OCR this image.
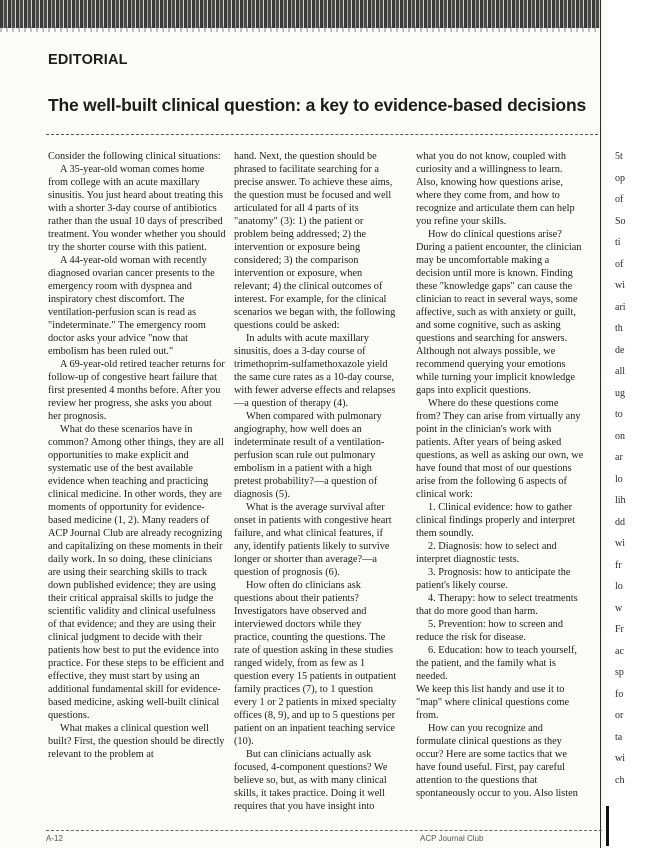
EDITORIAL
The well-built clinical question: a key to evidence-based decisions

Consider the following clinical situations:

A 35-year-old woman comes home from college with an acute maxillary sinusitis. You just heard about treating this with a shorter 3-day course of antibiotics rather than the usual 10 days of prescribed treatment. You wonder whether you should try the shorter course with this patient.

A 44-year-old woman with recently diagnosed ovarian cancer presents to the emergency room with dyspnea and inspiratory chest discomfort. The ventilation-perfusion scan is read as "indeterminate." The emergency room doctor asks your advice "now that embolism has been ruled out."

A 69-year-old retired teacher returns for follow-up of congestive heart failure that first presented 4 months before. After you review her progress, she asks you about her prognosis.

What do these scenarios have in common? Among other things, they are all opportunities to make explicit and systematic use of the best available evidence when teaching and practicing clinical medicine. In other words, they are moments of opportunity for evidence-based medicine (1, 2). Many readers of ACP Journal Club are already recognizing and capitalizing on these moments in their daily work. In so doing, these clinicians are using their searching skills to track down published evidence; they are using their critical appraisal skills to judge the scientific validity and clinical usefulness of that evidence; and they are using their clinical judgment to decide with their patients how best to put the evidence into practice. For these steps to be efficient and effective, they must start by using an additional fundamental skill for evidence-based medicine, asking well-built clinical questions.

What makes a clinical question well built? First, the question should be directly relevant to the problem at

hand. Next, the question should be phrased to facilitate searching for a precise answer. To achieve these aims, the question must be focused and well articulated for all 4 parts of its "anatomy" (3): 1) the patient or problem being addressed; 2) the intervention or exposure being considered; 3) the comparison intervention or exposure, when relevant; 4) the clinical outcomes of interest. For example, for the clinical scenarios we began with, the following questions could be asked:

In adults with acute maxillary sinusitis, does a 3-day course of trimethoprim-sulfamethoxazole yield the same cure rates as a 10-day course, with fewer adverse effects and relapses—a question of therapy (4).

When compared with pulmonary angiography, how well does an indeterminate result of a ventilation-perfusion scan rule out pulmonary embolism in a patient with a high pretest probability?—a question of diagnosis (5).

What is the average survival after onset in patients with congestive heart failure, and what clinical features, if any, identify patients likely to survive longer or shorter than average?—a question of prognosis (6).

How often do clinicians ask questions about their patients? Investigators have observed and interviewed doctors while they practice, counting the questions. The rate of question asking in these studies ranged widely, from as few as 1 question every 15 patients in outpatient family practices (7), to 1 question every 1 or 2 patients in mixed specialty offices (8, 9), and up to 5 questions per patient on an inpatient teaching service (10).

But can clinicians actually ask focused, 4-component questions? We believe so, but, as with many clinical skills, it takes practice. Doing it well requires that you have insight into

what you do not know, coupled with curiosity and a willingness to learn. Also, knowing how questions arise, where they come from, and how to recognize and articulate them can help you refine your skills.

How do clinical questions arise? During a patient encounter, the clinician may be uncomfortable making a decision until more is known. Finding these "knowledge gaps" can cause the clinician to react in several ways, some affective, such as with anxiety or guilt, and some cognitive, such as asking questions and searching for answers. Although not always possible, we recommend querying your emotions while turning your implicit knowledge gaps into explicit questions.

Where do these questions come from? They can arise from virtually any point in the clinician's work with patients. After years of being asked questions, as well as asking our own, we have found that most of our questions arise from the following 6 aspects of clinical work:

1. Clinical evidence: how to gather clinical findings properly and interpret them soundly.

2. Diagnosis: how to select and interpret diagnostic tests.

3. Prognosis: how to anticipate the patient's likely course.

4. Therapy: how to select treatments that do more good than harm.

5. Prevention: how to screen and reduce the risk for disease.

6. Education: how to teach yourself, the patient, and the family what is needed.

We keep this list handy and use it to "map" where clinical questions come from.

How can you recognize and formulate clinical questions as they occur? Here are some tactics that we have found useful. First, pay careful attention to the questions that spontaneously occur to you. Also listen

5t
op
of
So
ti
of
wi
ari
th
de
all
ug
to
on
ar
lo
lih
dd
wi
fr
lo
w
Fr
ac
sp
fo
or
ta
wi
ch
A-12	ACP Journal Club
